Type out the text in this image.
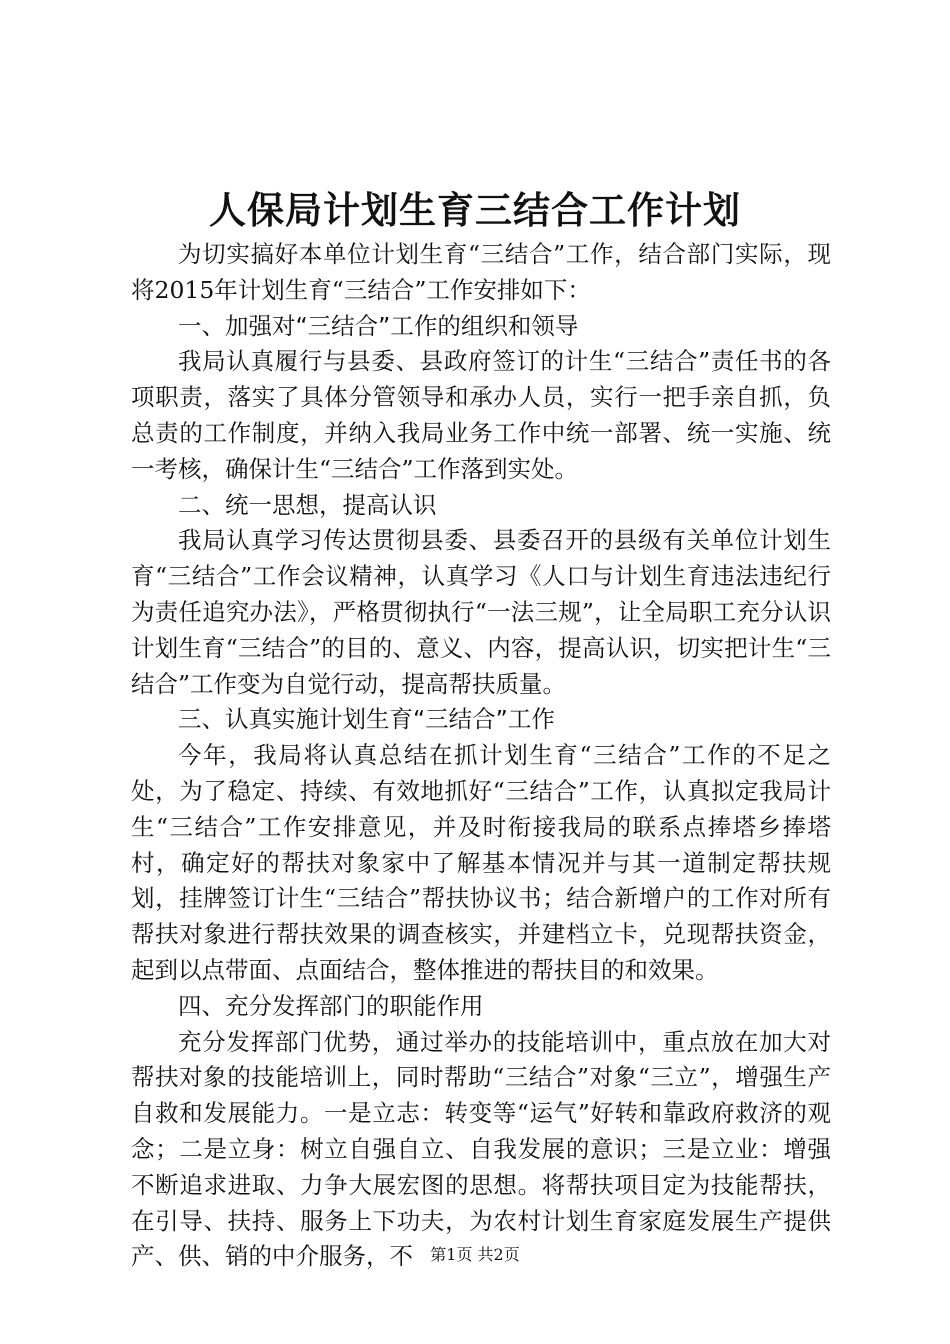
人保局计划生育三结合工作计划

为切实搞好本单位计划生育“三结合”工作，结合部门实际，现将2015年计划生育“三结合”工作安排如下：

一、加强对“三结合”工作的组织和领导

我局认真履行与县委、县政府签订的计生“三结合”责任书的各项职责，落实了具体分管领导和承办人员，实行一把手亲自抓，负总责的工作制度，并纳入我局业务工作中统一部署、统一实施、统一考核，确保计生“三结合”工作落到实处。

二、统一思想，提高认识

我局认真学习传达贯彻县委、县委召开的县级有关单位计划生育“三结合”工作会议精神，认真学习《人口与计划生育违法违纪行为责任追究办法》，严格贯彻执行“一法三规”，让全局职工充分认识计划生育“三结合”的目的、意义、内容，提高认识，切实把计生“三结合”工作变为自觉行动，提高帮扶质量。

三、认真实施计划生育“三结合”工作

今年，我局将认真总结在抓计划生育“三结合”工作的不足之处，为了稳定、持续、有效地抓好“三结合”工作，认真拟定我局计生“三结合”工作安排意见，并及时衔接我局的联系点捧塔乡捧塔村，确定好的帮扶对象家中了解基本情况并与其一道制定帮扶规划，挂牌签订计生“三结合”帮扶协议书；结合新增户的工作对所有帮扶对象进行帮扶效果的调查核实，并建档立卡，兑现帮扶资金，起到以点带面、点面结合，整体推进的帮扶目的和效果。

四、充分发挥部门的职能作用

充分发挥部门优势，通过举办的技能培训中，重点放在加大对帮扶对象的技能培训上，同时帮助“三结合”对象“三立”，增强生产自救和发展能力。一是立志：转变等“运气”好转和靠政府救济的观念；二是立身：树立自强自立、自我发展的意识；三是立业：增强不断追求进取、力争大展宏图的思想。将帮扶项目定为技能帮扶，在引导、扶持、服务上下功夫，为农村计划生育家庭发展生产提供产、供、销的中介服务，不	第1页 共2页
